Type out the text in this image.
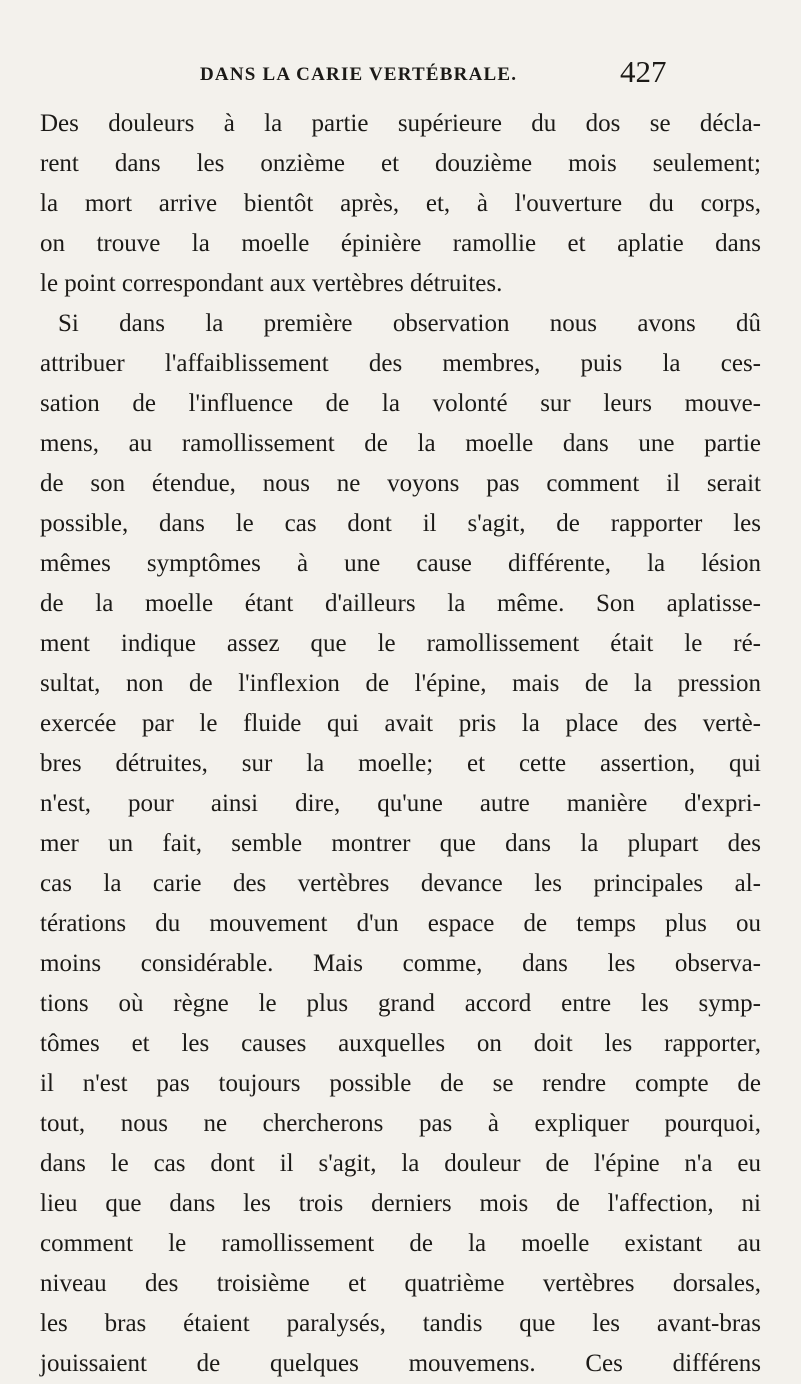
DANS LA CARIE VERTÉBRALE.	427
Des douleurs à la partie supérieure du dos se décla-
rent dans les onzième et douzième mois seulement;
la mort arrive bientôt après, et, à l'ouverture du corps,
on trouve la moelle épinière ramollie et aplatie dans
le point correspondant aux vertèbres détruites.
Si dans la première observation nous avons dû
attribuer l'affaiblissement des membres, puis la ces-
sation de l'influence de la volonté sur leurs mouve-
mens, au ramollissement de la moelle dans une partie
de son étendue, nous ne voyons pas comment il serait
possible, dans le cas dont il s'agit, de rapporter les
mêmes symptômes à une cause différente, la lésion
de la moelle étant d'ailleurs la même. Son aplatisse-
ment indique assez que le ramollissement était le ré-
sultat, non de l'inflexion de l'épine, mais de la pression
exercée par le fluide qui avait pris la place des vertè-
bres détruites, sur la moelle; et cette assertion, qui
n'est, pour ainsi dire, qu'une autre manière d'expri-
mer un fait, semble montrer que dans la plupart des
cas la carie des vertèbres devance les principales al-
térations du mouvement d'un espace de temps plus ou
moins considérable. Mais comme, dans les observa-
tions où règne le plus grand accord entre les symp-
tômes et les causes auxquelles on doit les rapporter,
il n'est pas toujours possible de se rendre compte de
tout, nous ne chercherons pas à expliquer pourquoi,
dans le cas dont il s'agit, la douleur de l'épine n'a eu
lieu que dans les trois derniers mois de l'affection, ni
comment le ramollissement de la moelle existant au
niveau des troisième et quatrième vertèbres dorsales,
les bras étaient paralysés, tandis que les avant-bras
jouissaient de quelques mouvemens. Ces différens
